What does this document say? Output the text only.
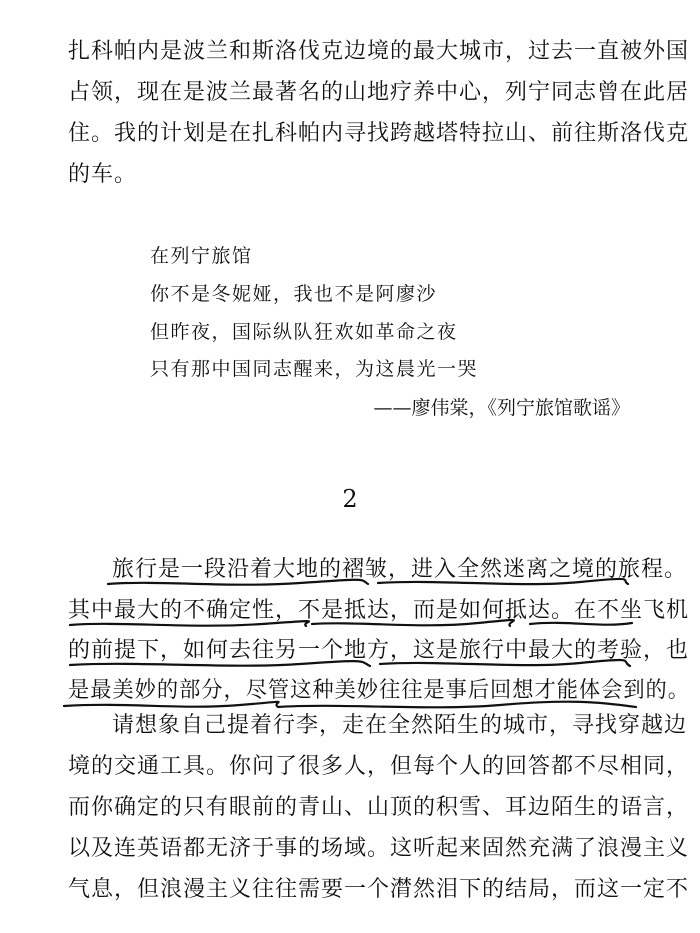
扎科帕内是波兰和斯洛伐克边境的最大城市，过去一直被外国
占领，现在是波兰最著名的山地疗养中心，列宁同志曾在此居
住。我的计划是在扎科帕内寻找跨越塔特拉山、前往斯洛伐克
的车。
在列宁旅馆
你不是冬妮娅，我也不是阿廖沙
但昨夜，国际纵队狂欢如革命之夜
只有那中国同志醒来，为这晨光一哭
——廖伟棠，《列宁旅馆歌谣》
2
旅行是一段沿着大地的褶皱，进入全然迷离之境的旅程。
其中最大的不确定性，不是抵达，而是如何抵达。在不坐飞机
的前提下，如何去往另一个地方，这是旅行中最大的考验，也
是最美妙的部分，尽管这种美妙往往是事后回想才能体会到的。
请想象自己提着行李，走在全然陌生的城市，寻找穿越边
境的交通工具。你问了很多人，但每个人的回答都不尽相同，
而你确定的只有眼前的青山、山顶的积雪、耳边陌生的语言，
以及连英语都无济于事的场域。这听起来固然充满了浪漫主义
气息，但浪漫主义往往需要一个潸然泪下的结局，而这一定不
